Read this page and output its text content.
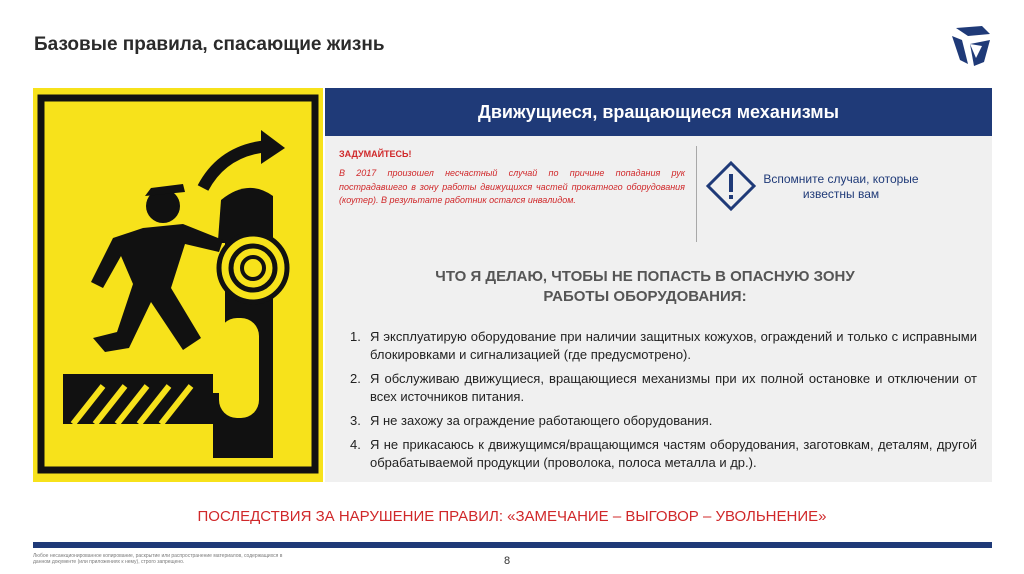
Базовые правила, спасающие жизнь
Движущиеся, вращающиеся механизмы
ЗАДУМАЙТЕСЬ!
В 2017 произошел несчастный случай по причине попадания рук пострадавшего в зону работы движущихся частей прокатного оборудования (коутер). В результате работник остался инвалидом.
Вспомните случаи, которые известны вам
ЧТО Я ДЕЛАЮ, ЧТОБЫ НЕ ПОПАСТЬ В ОПАСНУЮ ЗОНУ
РАБОТЫ ОБОРУДОВАНИЯ:
1. Я эксплуатирую оборудование при наличии защитных кожухов, ограждений и только с исправными блокировками и сигнализацией (где предусмотрено).
2. Я обслуживаю движущиеся, вращающиеся механизмы при их полной остановке и отключении от всех источников питания.
3. Я не захожу за ограждение работающего оборудования.
4. Я не прикасаюсь к движущимся/вращающимся частям оборудования, заготовкам, деталям, другой обрабатываемой продукции (проволока, полоса металла и др.).
ПОСЛЕДСТВИЯ ЗА НАРУШЕНИЕ ПРАВИЛ: «ЗАМЕЧАНИЕ – ВЫГОВОР – УВОЛЬНЕНИЕ»
Любое несанкционированное копирование, раскрытие или распространение материалов, содержащихся в данном документе (или приложениях к нему), строго запрещено.	8
